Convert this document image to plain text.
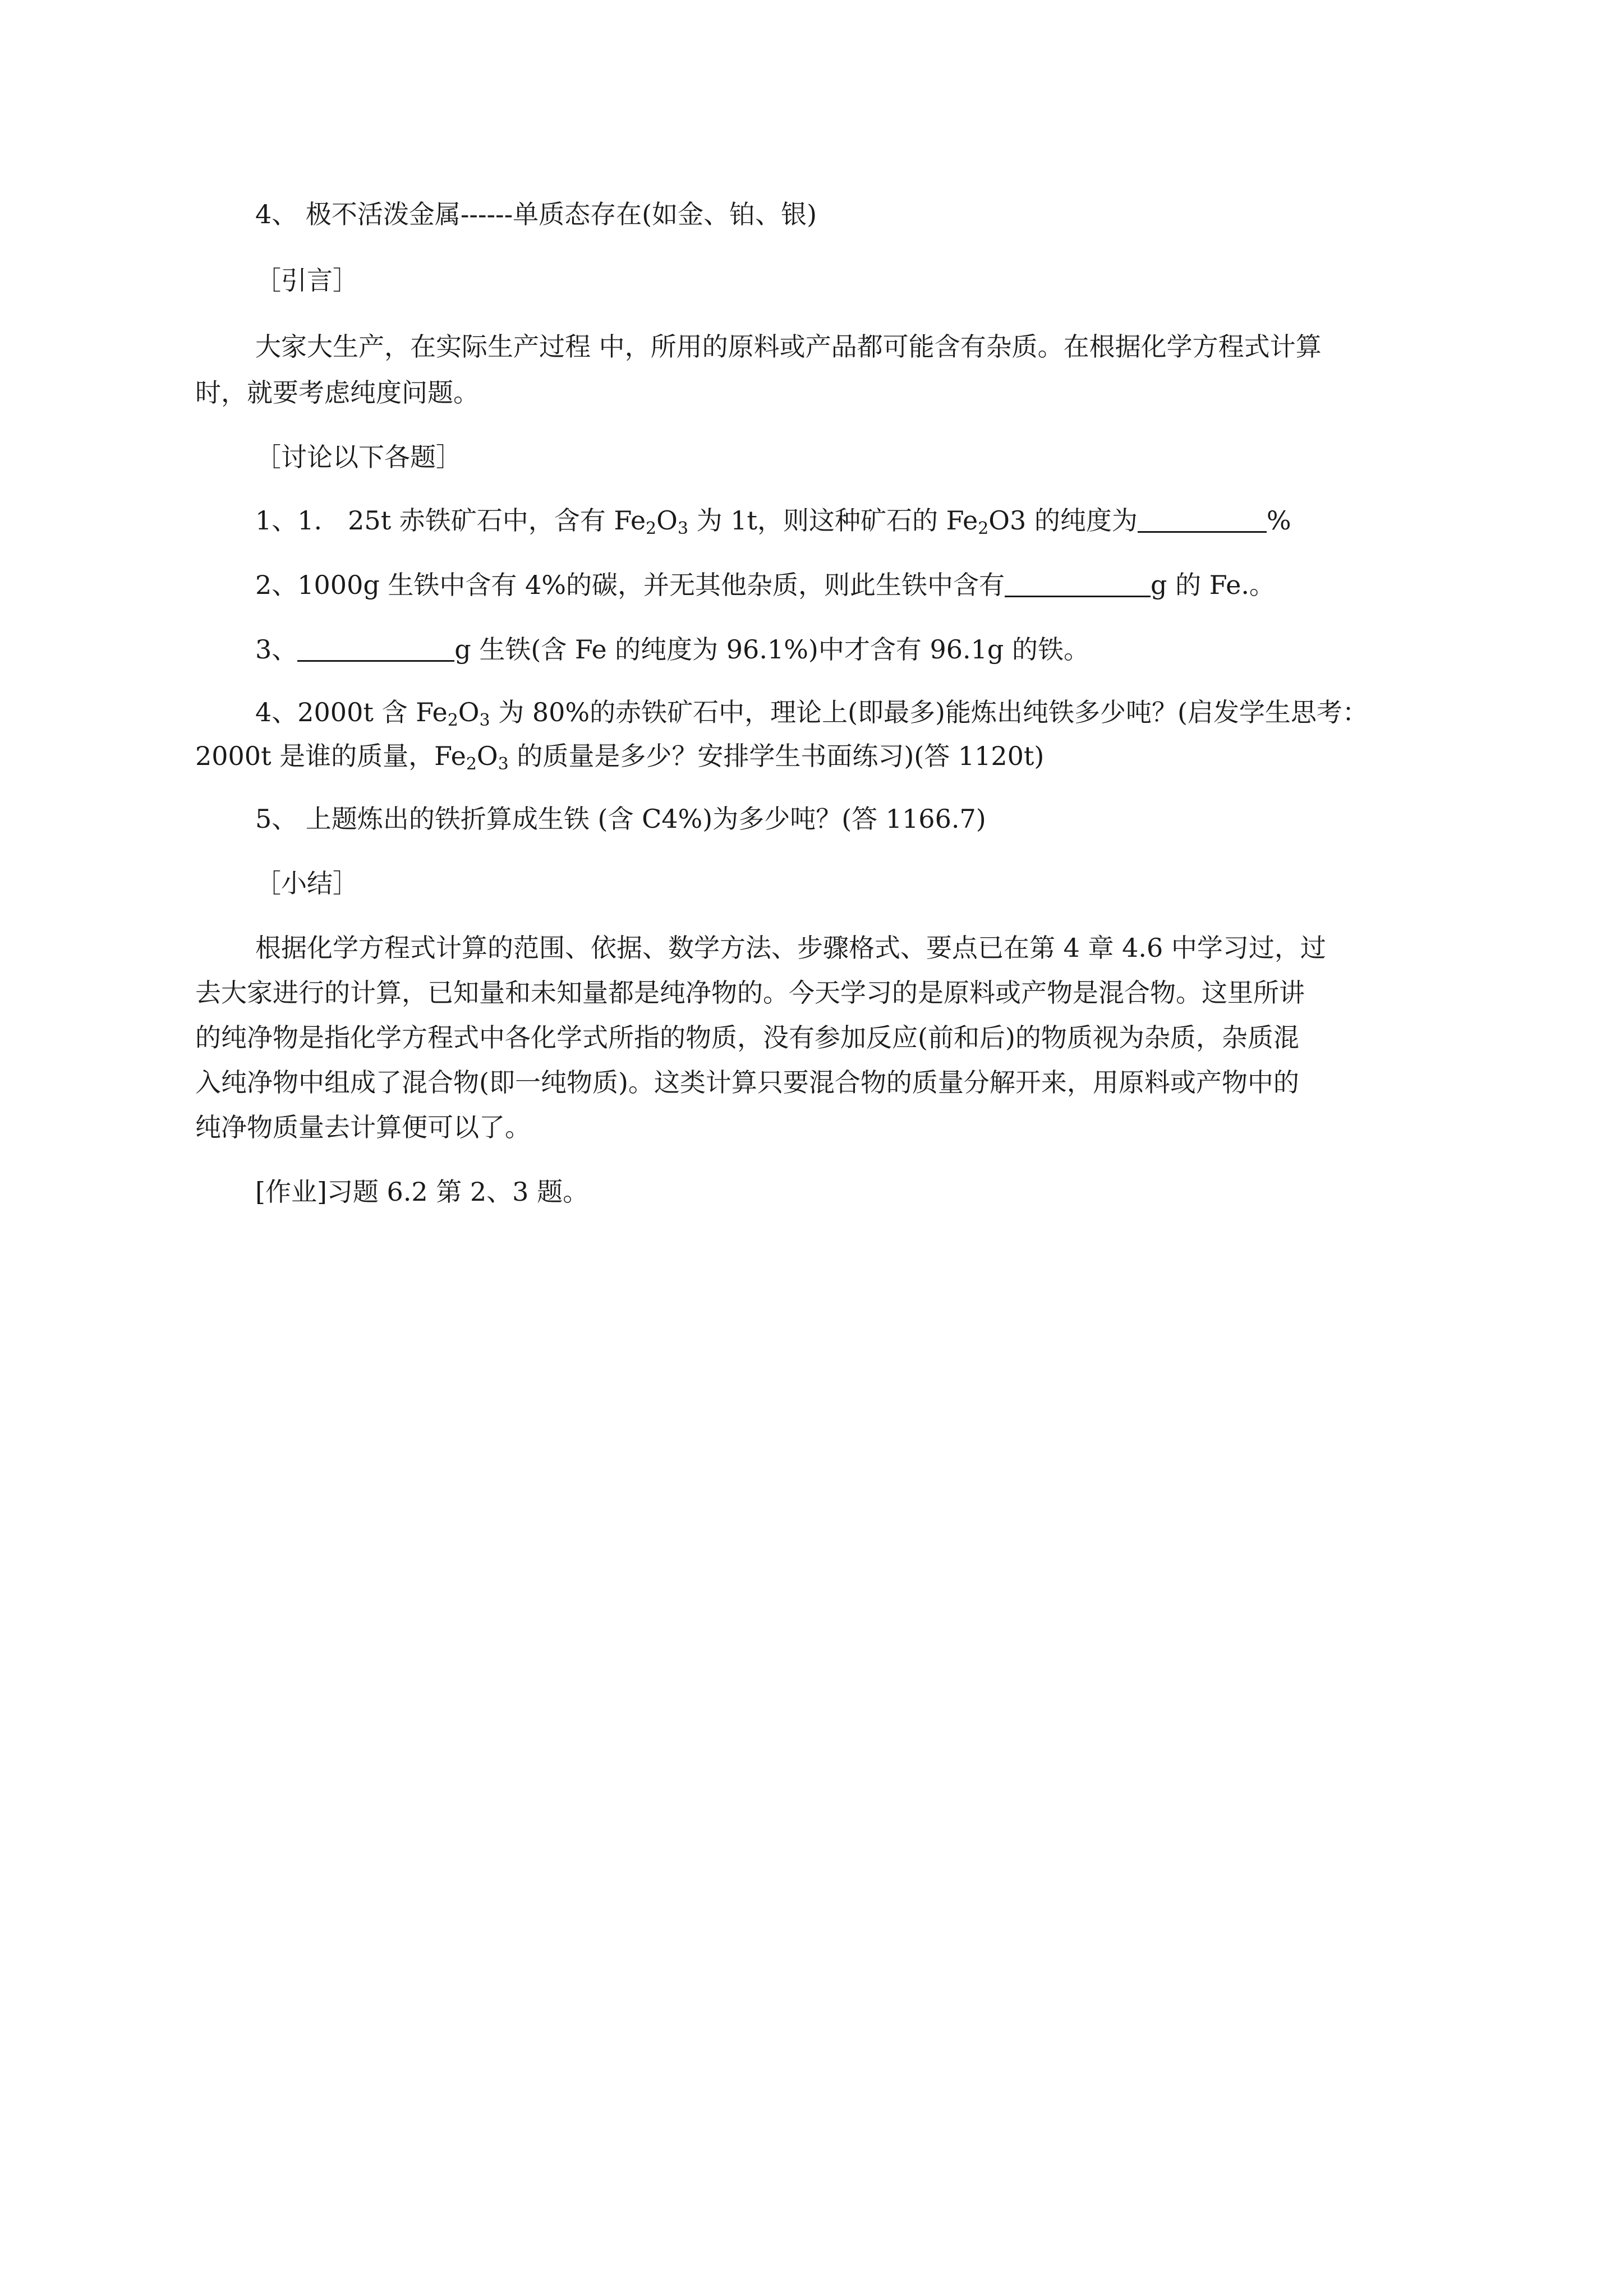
4、 极不活泼金属------单质态存在(如金、铂、银)
［引言］
大家大生产，在实际生产过程 中，所用的原料或产品都可能含有杂质。在根据化学方程式计算
时，就要考虑纯度问题。
［讨论以下各题］
1、1.　25t 赤铁矿石中，含有 $Fe_2O_3$ 为 1t，则这种矿石的 $Fe_2O3$ 的纯度为	%
2、1000g 生铁中含有 4%的碳，并无其他杂质，则此生铁中含有	g 的 Fe.。
3、	g 生铁(含 Fe 的纯度为 96.1%)中才含有 96.1g 的铁。
4、2000t 含 $Fe_2O_3$ 为 80%的赤铁矿石中，理论上(即最多)能炼出纯铁多少吨？(启发学生思考：
2000t 是谁的质量，$Fe_2O_3$ 的质量是多少？安排学生书面练习)(答 1120t)
5、 上题炼出的铁折算成生铁 (含 C4%)为多少吨？(答 1166.7)
［小结］
根据化学方程式计算的范围、依据、数学方法、步骤格式、要点已在第 4 章 4.6 中学习过，过
去大家进行的计算，已知量和未知量都是纯净物的。今天学习的是原料或产物是混合物。这里所讲
的纯净物是指化学方程式中各化学式所指的物质，没有参加反应(前和后)的物质视为杂质，杂质混
入纯净物中组成了混合物(即一纯物质)。这类计算只要混合物的质量分解开来，用原料或产物中的
纯净物质量去计算便可以了。
[作业]习题 6.2 第 2、3 题。
